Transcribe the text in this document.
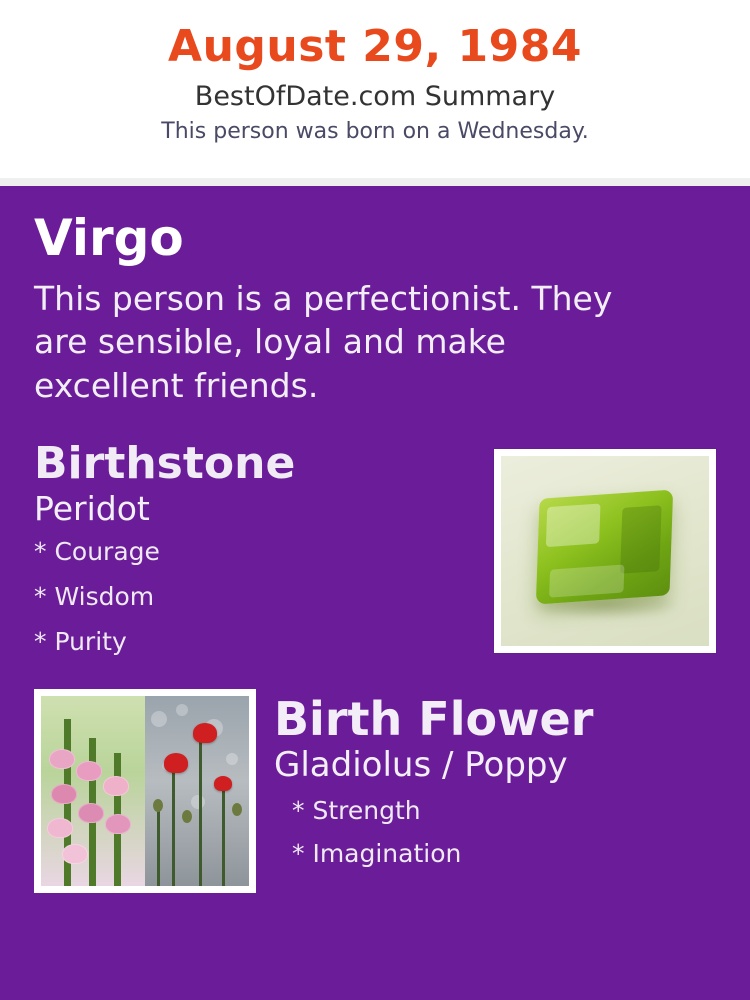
August 29, 1984
BestOfDate.com Summary
This person was born on a Wednesday.
Virgo
This person is a perfectionist. They are sensible, loyal and make excellent friends.
Birthstone
Peridot
* Courage
* Wisdom
* Purity
Birth Flower
Gladiolus / Poppy
* Strength
* Imagination
